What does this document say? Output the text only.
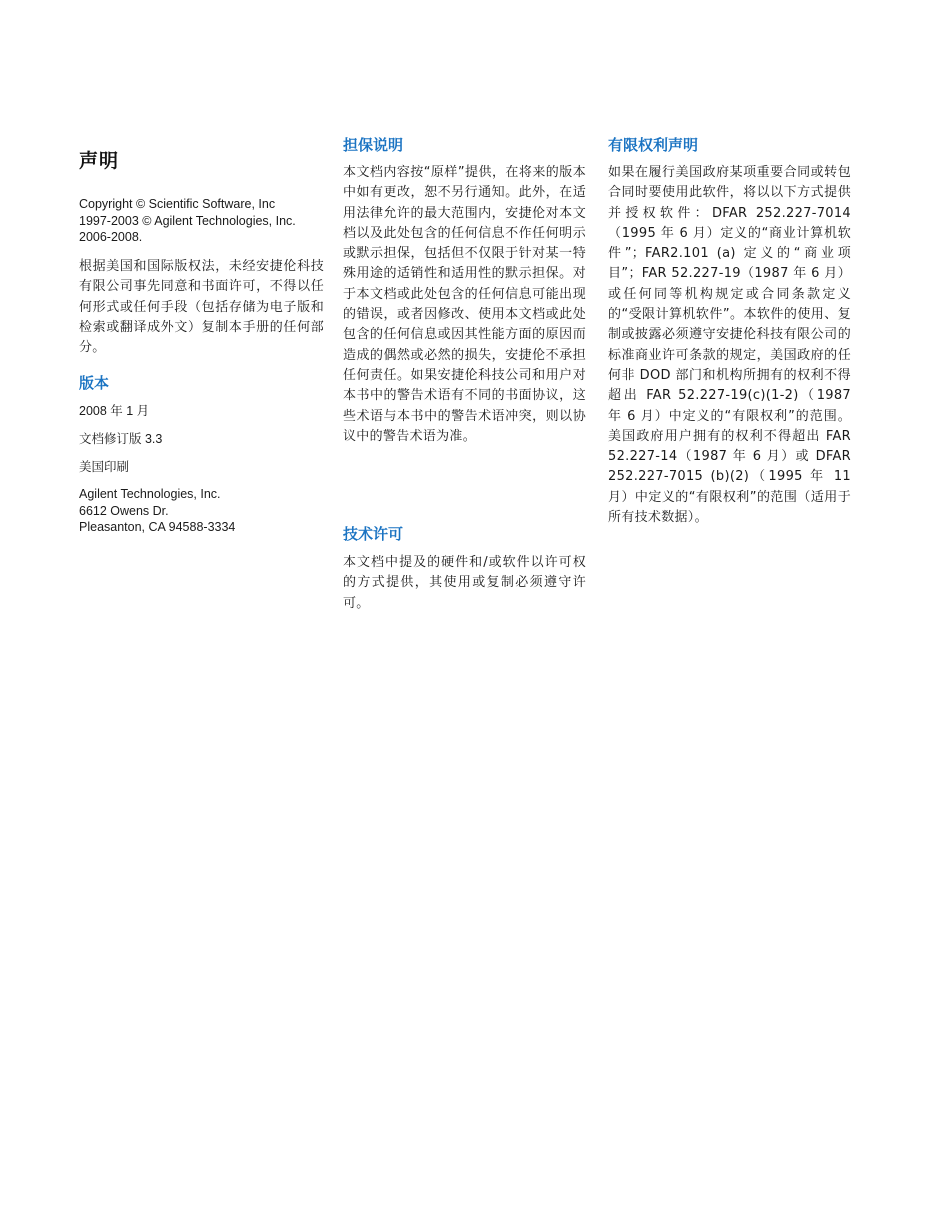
声明
Copyright © Scientific Software, Inc
1997-2003 © Agilent Technologies, Inc.
2006-2008.

根据美国和国际版权法，未经安捷伦科技有限公司事先同意和书面许可，不得以任何形式或任何手段（包括存储为电子版和检索或翻译成外文）复制本手册的任何部分。

版本
2008 年 1 月
文档修订版 3.3
美国印刷
Agilent Technologies, Inc.
6612 Owens Dr.
Pleasanton, CA 94588-3334
担保说明

本文档内容按“原样”提供，在将来的版本中如有更改，恕不另行通知。此外，在适用法律允许的最大范围内，安捷伦对本文档以及此处包含的任何信息不作任何明示或默示担保，包括但不仅限于针对某一特殊用途的适销性和适用性的默示担保。对于本文档或此处包含的任何信息可能出现的错误，或者因修改、使用本文档或此处包含的任何信息或因其性能方面的原因而造成的偶然或必然的损失，安捷伦不承担任何责任。如果安捷伦科技公司和用户对本书中的警告术语有不同的书面协议，这些术语与本书中的警告术语冲突，则以协议中的警告术语为准。

技术许可

本文档中提及的硬件和/或软件以许可权的方式提供，其使用或复制必须遵守许可。

有限权利声明

如果在履行美国政府某项重要合同或转包合同时要使用此软件，将以以下方式提供并授权软件：DFAR 252.227-7014（1995 年 6 月）定义的“商业计算机软件”；FAR2.101 (a) 定义的“商业项目”；FAR 52.227-19（1987 年 6 月）或任何同等机构规定或合同条款定义的“受限计算机软件”。本软件的使用、复制或披露必须遵守安捷伦科技有限公司的标准商业许可条款的规定，美国政府的任何非 DOD 部门和机构所拥有的权利不得超出 FAR 52.227-19(c)(1-2)（1987 年 6 月）中定义的“有限权利”的范围。美国政府用户拥有的权利不得超出 FAR 52.227-14（1987 年 6 月）或 DFAR 252.227-7015 (b)(2)（1995 年 11 月）中定义的“有限权利”的范围（适用于所有技术数据）。
